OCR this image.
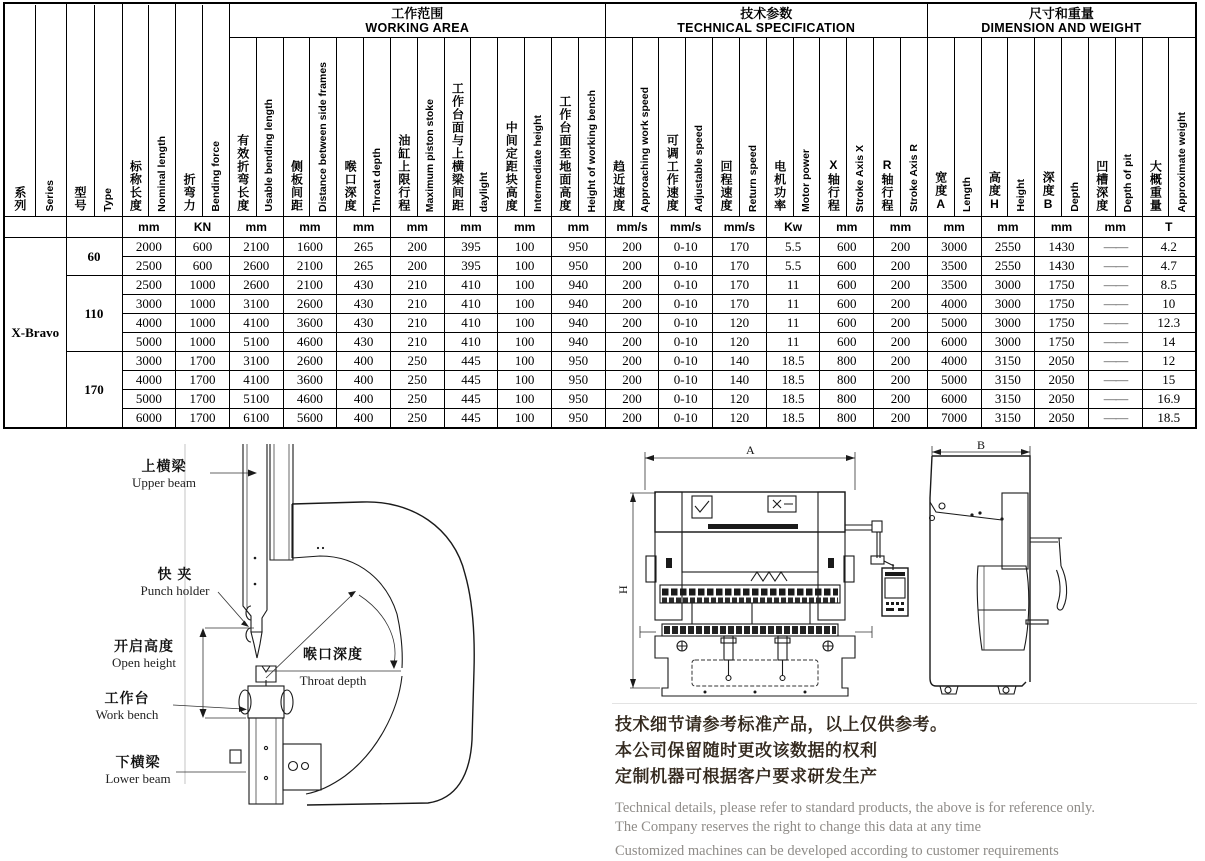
系列 Series	型号 Type	标称长度 Nominal length	折弯力 Bending force

工作范围
WORKING AREA

技术参数
TECHNICAL SPECIFICATION

尺寸和重量
DIMENSION AND WEIGHT

有效折弯长度 Usable bending length	侧板间距 Distance between side frames	喉口深度 Throat depth	油缸上限行程 Maximum piston stoke	工作台面与上横梁间距 daylight	中间定距块高度 Intermediate height	工作台面至地面高度 Height of working bench	趋近速度 Approaching work speed	可调工作速度 Adjustable speed	回程速度 Return speed	电机功率 Motor power	X轴行程 Stroke Axis X	R轴行程 Stroke Axis R	宽度A Length	高度H Height	深度B Depth	凹槽深度 Depth of pit	大概重量 Approximate weight

		mm	KN	mm	mm	mm	mm	mm	mm	mm	mm/s	mm/s	mm/s	Kw	mm	mm	mm	mm	mm	mm	T
X-Bravo	60	2000	600	2100	1600	265	200	395	100	950	200	0-10	170	5.5	600	200	3000	2550	1430	——	4.2
		2500	600	2600	2100	265	200	395	100	950	200	0-10	170	5.5	600	200	3500	2550	1430	——	4.7
	110	2500	1000	2600	2100	430	210	410	100	940	200	0-10	170	11	600	200	3500	3000	1750	——	8.5
		3000	1000	3100	2600	430	210	410	100	940	200	0-10	170	11	600	200	4000	3000	1750	——	10
		4000	1000	4100	3600	430	210	410	100	940	200	0-10	120	11	600	200	5000	3000	1750	——	12.3
		5000	1000	5100	4600	430	210	410	100	940	200	0-10	120	11	600	200	6000	3000	1750	——	14
	170	3000	1700	3100	2600	400	250	445	100	950	200	0-10	140	18.5	800	200	4000	3150	2050	——	12
		4000	1700	4100	3600	400	250	445	100	950	200	0-10	140	18.5	800	200	5000	3150	2050	——	15
		5000	1700	5100	4600	400	250	445	100	950	200	0-10	120	18.5	800	200	6000	3150	2050	——	16.9
		6000	1700	6100	5600	400	250	445	100	950	200	0-10	120	18.5	800	200	7000	3150	2050	——	18.5
上横梁
Upper beam
快 夹
Punch holder
开启高度
Open height
喉口深度
Throat depth
工作台
Work bench
下横梁
Lower beam
A
H
B
技术细节请参考标准产品，以上仅供参考。
本公司保留随时更改该数据的权利
定制机器可根据客户要求研发生产
Technical details, please refer to standard products, the above is for reference only.
The Company reserves the right to change this data at any time
Customized machines can be developed according to customer requirements
